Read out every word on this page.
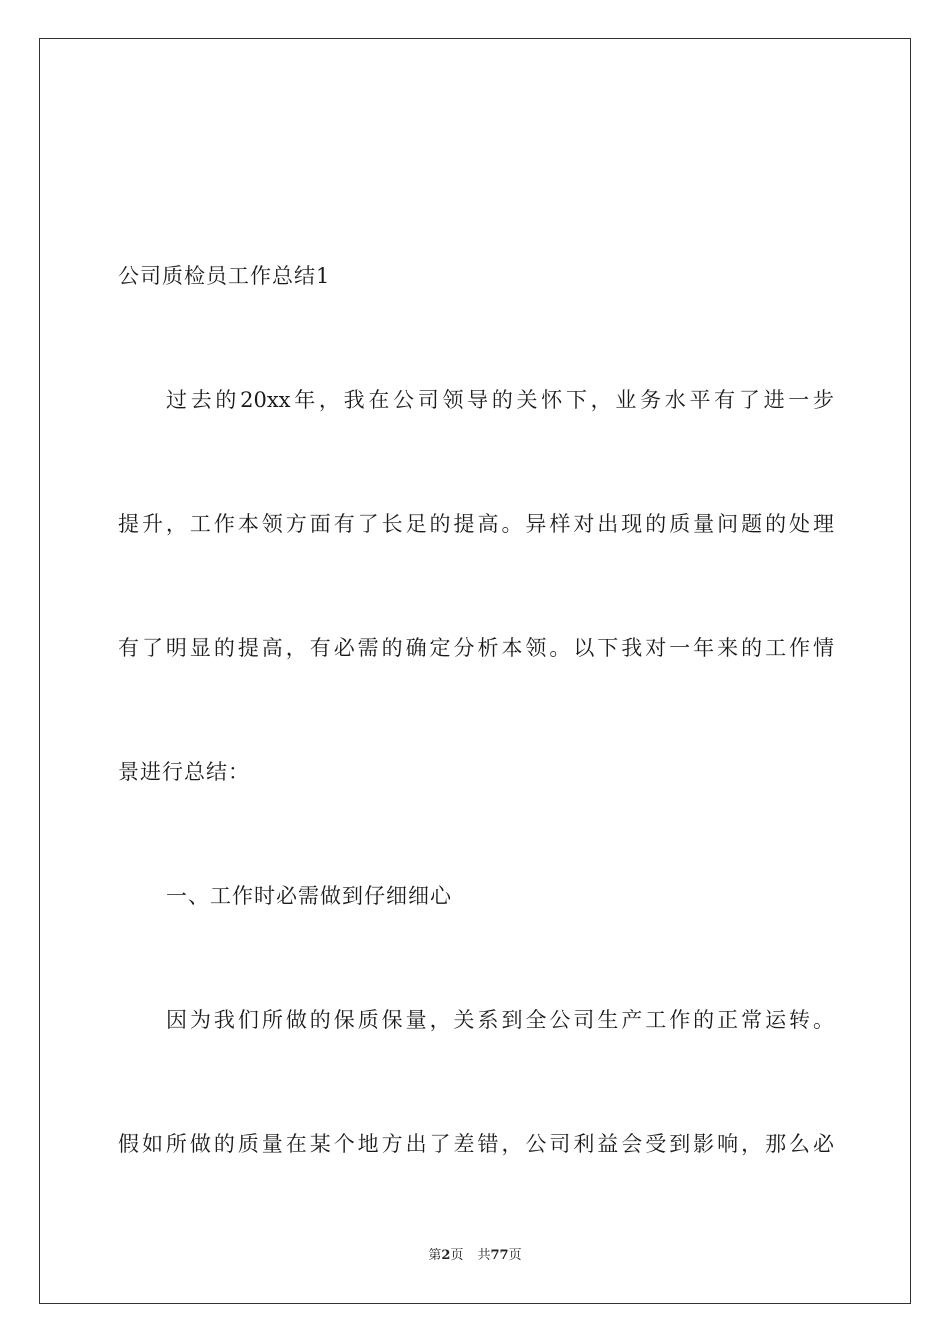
公司质检员工作总结1
过去的20xx年，我在公司领导的关怀下，业务水平有了进一步
提升，工作本领方面有了长足的提高。异样对出现的质量问题的处理
有了明显的提高，有必需的确定分析本领。以下我对一年来的工作情
景进行总结：
一、工作时必需做到仔细细心
因为我们所做的保质保量，关系到全公司生产工作的正常运转。
假如所做的质量在某个地方出了差错，公司利益会受到影响，那么必
第2页 共77页
